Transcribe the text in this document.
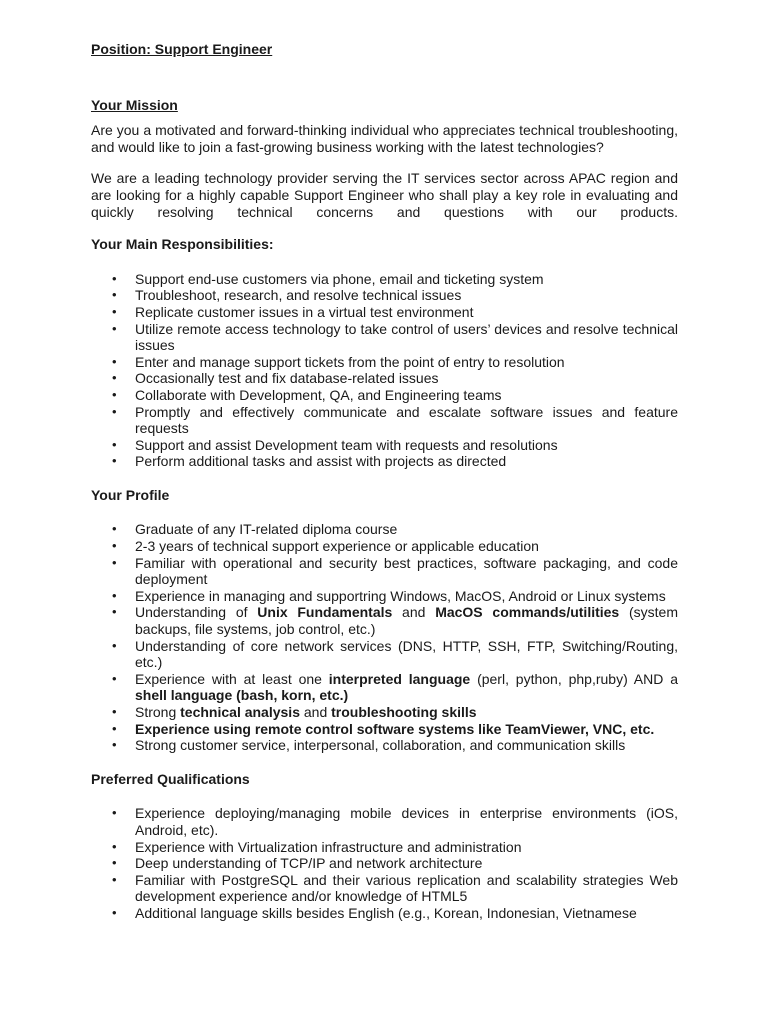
Position: Support Engineer
Your Mission

Are you a motivated and forward-thinking individual who appreciates technical troubleshooting, and would like to join a fast-growing business working with the latest technologies?

We are a leading technology provider serving the IT services sector across APAC region and are looking for a highly capable Support Engineer who shall play a key role in evaluating and quickly resolving technical concerns and questions with our products.

Your Main Responsibilities:
• Support end-use customers via phone, email and ticketing system
• Troubleshoot, research, and resolve technical issues
• Replicate customer issues in a virtual test environment
• Utilize remote access technology to take control of users’ devices and resolve technical issues
• Enter and manage support tickets from the point of entry to resolution
• Occasionally test and fix database-related issues
• Collaborate with Development, QA, and Engineering teams
• Promptly and effectively communicate and escalate software issues and feature requests
• Support and assist Development team with requests and resolutions
• Perform additional tasks and assist with projects as directed
Your Profile
• Graduate of any IT-related diploma course
• 2-3 years of technical support experience or applicable education
• Familiar with operational and security best practices, software packaging, and code deployment
• Experience in managing and supportring Windows, MacOS, Android or Linux systems
• Understanding of Unix Fundamentals and MacOS commands/utilities (system backups, file systems, job control, etc.)
• Understanding of core network services (DNS, HTTP, SSH, FTP, Switching/Routing, etc.)
• Experience with at least one interpreted language (perl, python, php,ruby) AND a shell language (bash, korn, etc.)
• Strong technical analysis and troubleshooting skills
• Experience using remote control software systems like TeamViewer, VNC, etc.
• Strong customer service, interpersonal, collaboration, and communication skills
Preferred Qualifications
• Experience deploying/managing mobile devices in enterprise environments (iOS, Android, etc).
• Experience with Virtualization infrastructure and administration
• Deep understanding of TCP/IP and network architecture
• Familiar with PostgreSQL and their various replication and scalability strategies Web development experience and/or knowledge of HTML5
• Additional language skills besides English (e.g., Korean, Indonesian, Vietnamese
